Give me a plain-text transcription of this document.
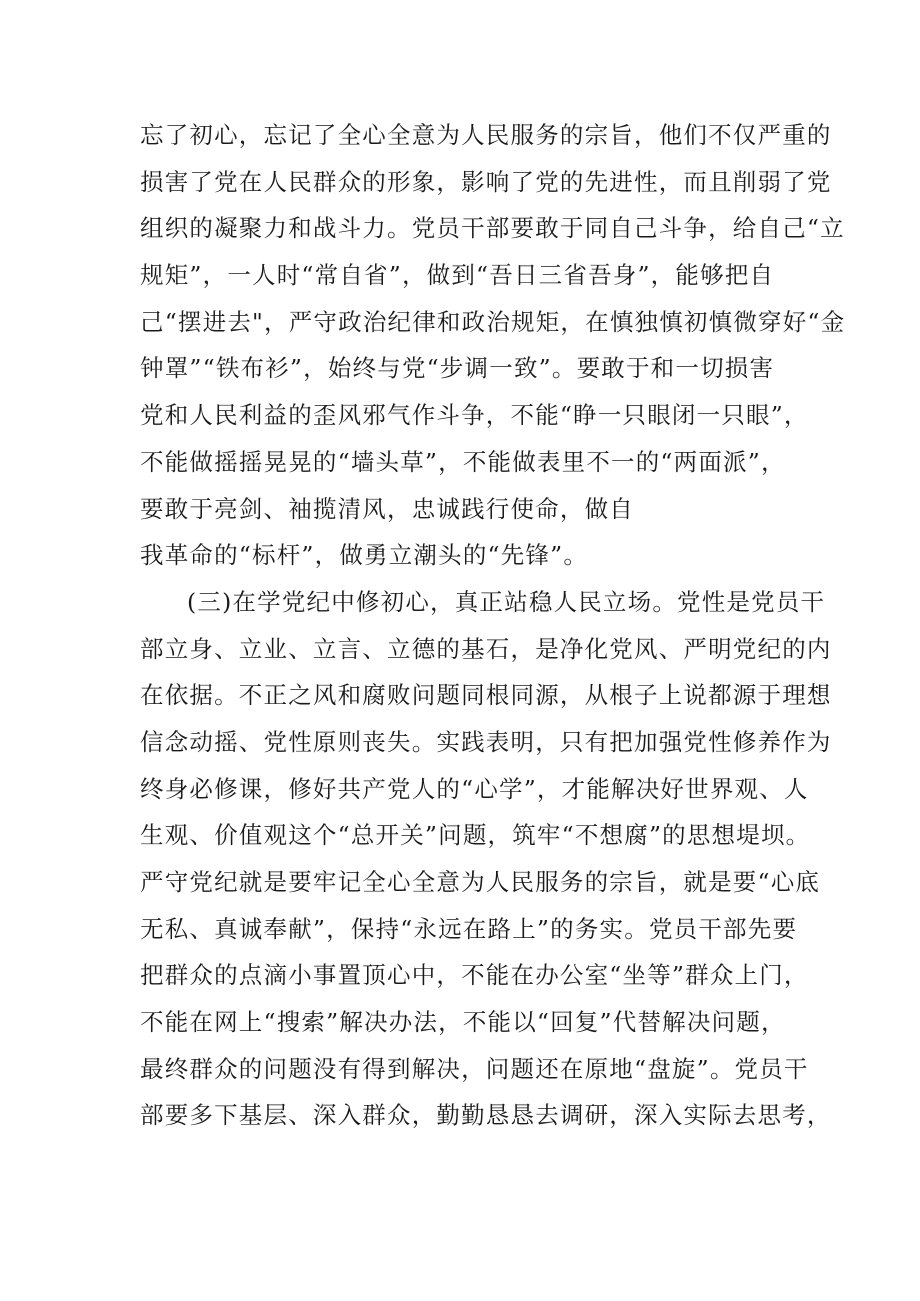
忘了初心，忘记了全心全意为人民服务的宗旨，他们不仅严重的
损害了党在人民群众的形象，影响了党的先进性，而且削弱了党
组织的凝聚力和战斗力。党员干部要敢于同自己斗争，给自己“立
规矩”，一人时“常自省”，做到“吾日三省吾身”，能够把自
己“摆进去"，严守政治纪律和政治规矩，在慎独慎初慎微穿好“金
钟罩”“铁布衫”，始终与党“步调一致”。要敢于和一切损害
党和人民利益的歪风邪气作斗争，不能“睁一只眼闭一只眼”，
不能做摇摇晃晃的“墙头草”，不能做表里不一的“两面派”，
要敢于亮剑、袖揽清风，忠诚践行使命，做自
我革命的“标杆”，做勇立潮头的“先锋”。
(三)在学党纪中修初心，真正站稳人民立场。党性是党员干
部立身、立业、立言、立德的基石，是净化党风、严明党纪的内
在依据。不正之风和腐败问题同根同源，从根子上说都源于理想
信念动摇、党性原则丧失。实践表明，只有把加强党性修养作为
终身必修课，修好共产党人的“心学”，才能解决好世界观、人
生观、价值观这个“总开关”问题，筑牢“不想腐”的思想堤坝。
严守党纪就是要牢记全心全意为人民服务的宗旨，就是要“心底
无私、真诚奉献”，保持“永远在路上”的务实。党员干部先要
把群众的点滴小事置顶心中，不能在办公室“坐等”群众上门，
不能在网上“搜索”解决办法，不能以“回复”代替解决问题，
最终群众的问题没有得到解决，问题还在原地“盘旋”。党员干
部要多下基层、深入群众，勤勤恳恳去调研，深入实际去思考，
